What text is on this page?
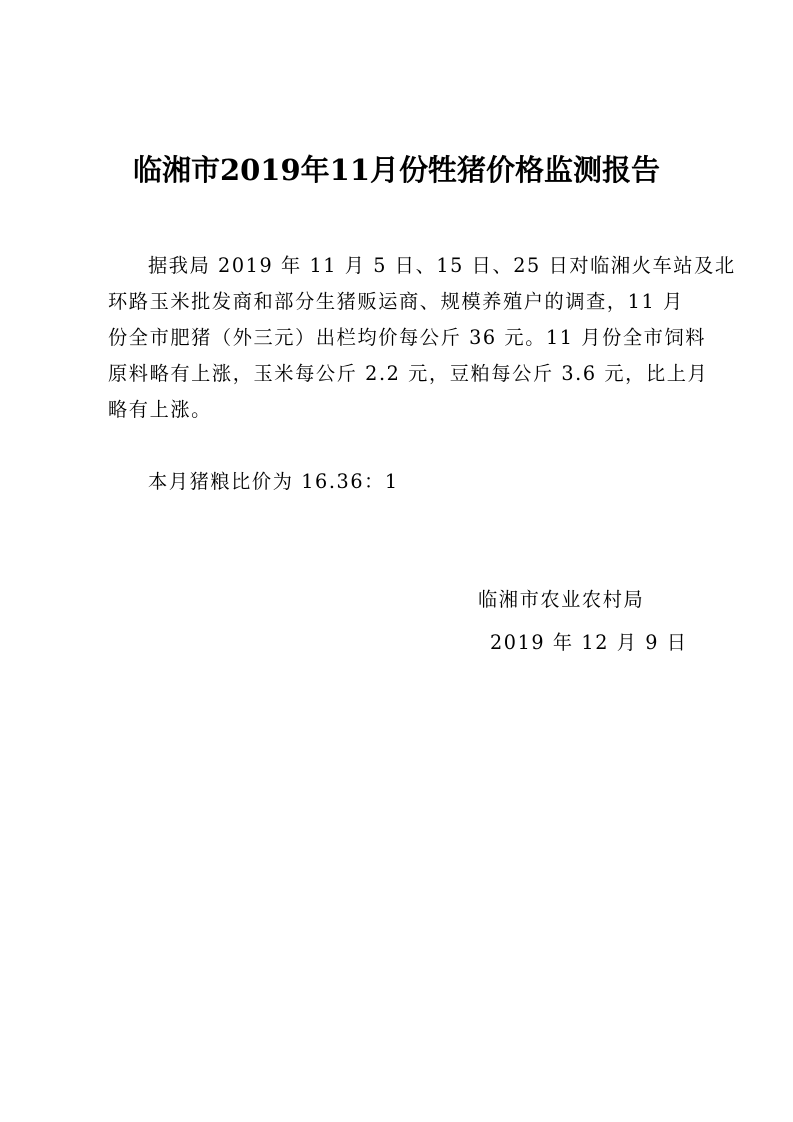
临湘市2019年11月份牲猪价格监测报告
据我局 2019 年 11 月 5 日、15 日、25 日对临湘火车站及北
环路玉米批发商和部分生猪贩运商、规模养殖户的调查，11 月
份全市肥猪（外三元）出栏均价每公斤 36 元。11 月份全市饲料
原料略有上涨，玉米每公斤 2.2 元，豆粕每公斤 3.6 元，比上月
略有上涨。
本月猪粮比价为 16.36：1
临湘市农业农村局
2019 年 12 月 9 日
